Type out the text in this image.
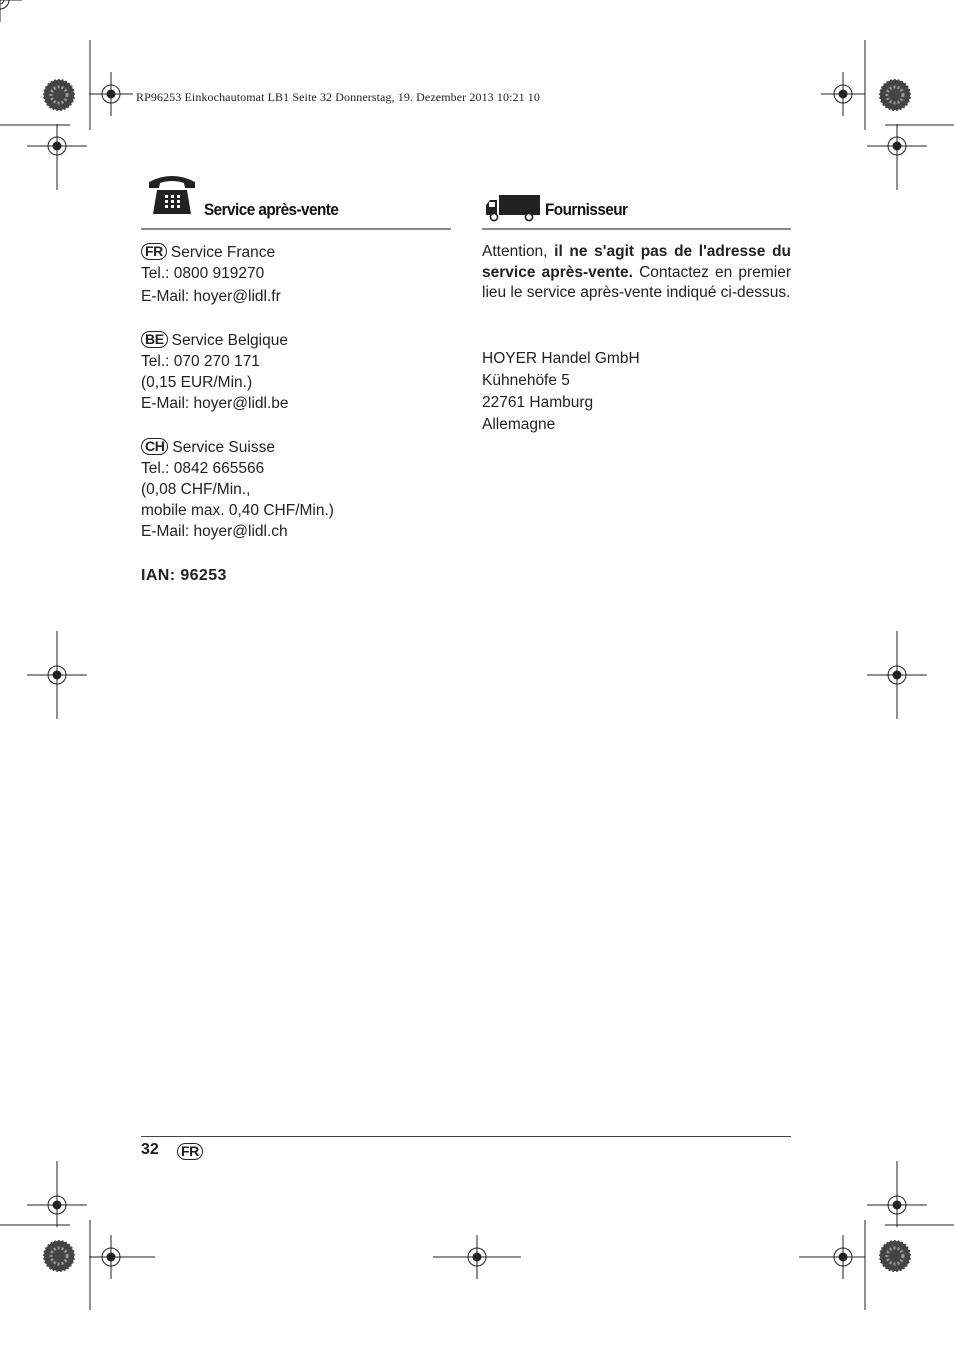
RP96253 Einkochautomat LB1 Seite 32 Donnerstag, 19. Dezember 2013 10:21 10
Service après-vente
FR Service France
Tel.: 0800 919270
E-Mail: hoyer@lidl.fr
BE Service Belgique
Tel.: 070 270 171
(0,15 EUR/Min.)
E-Mail: hoyer@lidl.be
CH Service Suisse
Tel.: 0842 665566
(0,08 CHF/Min.,
mobile max. 0,40 CHF/Min.)
E-Mail: hoyer@lidl.ch
IAN: 96253
Fournisseur
Attention, il ne s'agit pas de l'adresse du service après-vente. Contactez en premier lieu le service après-vente indiqué ci-dessus.
HOYER Handel GmbH
Kühnehöfe 5
22761 Hamburg
Allemagne
32 FR
